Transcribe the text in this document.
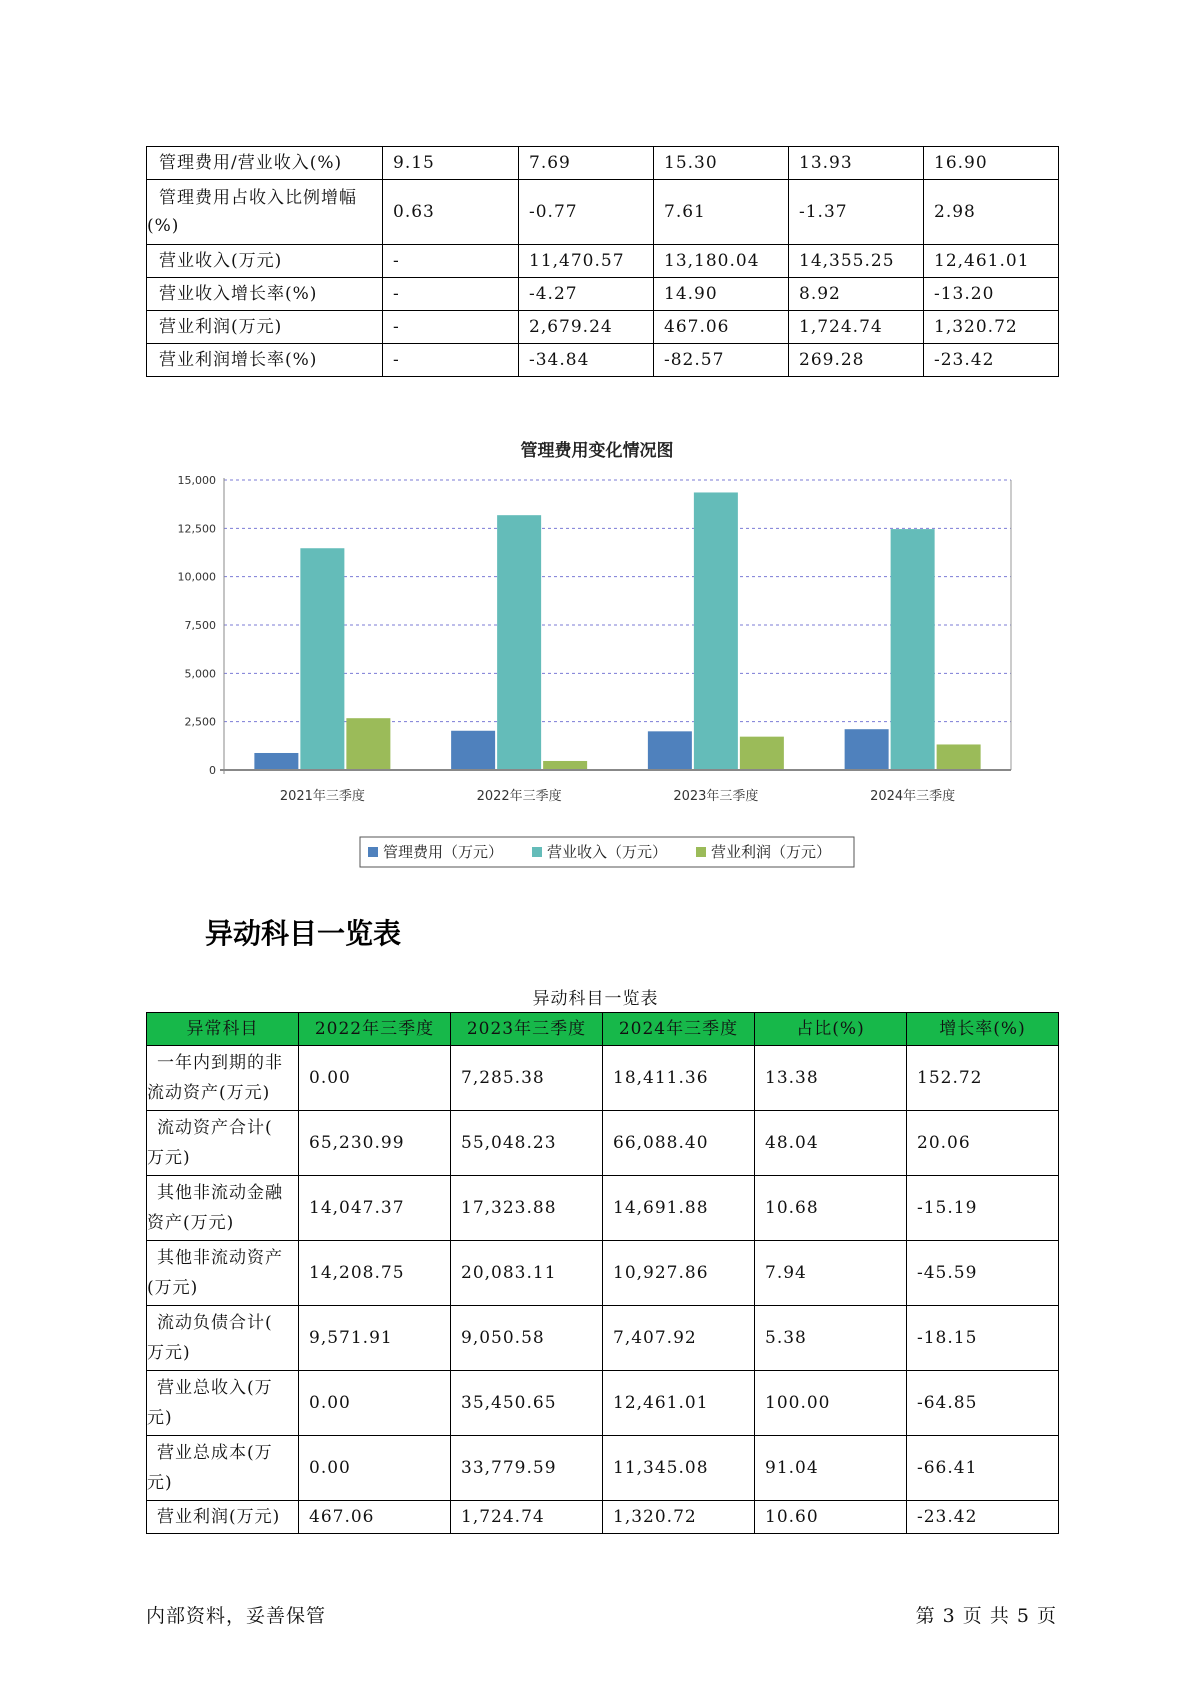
管理费用/营业收入(%)	9.15	7.69	15.30	13.93	16.90

管理费用占收入比例增幅
(%)	0.63	-0.77	7.61	-1.37	2.98
营业收入(万元)	-	11,470.57	13,180.04	14,355.25	12,461.01
营业收入增长率(%)	-	-4.27	14.90	8.92	-13.20
营业利润(万元)	-	2,679.24	467.06	1,724.74	1,320.72
营业利润增长率(%)	-	-34.84	-82.57	269.28	-23.42
管理费用变化情况图
0
2,500
5,000
7,500
10,000
12,500
15,000
2021年三季度	2022年三季度	2023年三季度	2024年三季度
管理费用（万元）	营业收入（万元）	营业利润（万元）
异动科目一览表
异动科目一览表
异常科目	2022年三季度	2023年三季度	2024年三季度	占比(%)	增长率(%)

一年内到期的非
流动资产(万元)	0.00	7,285.38	18,411.36	13.38	152.72

流动资产合计(
万元)	65,230.99	55,048.23	66,088.40	48.04	20.06

其他非流动金融
资产(万元)	14,047.37	17,323.88	14,691.88	10.68	-15.19

其他非流动资产
(万元)	14,208.75	20,083.11	10,927.86	7.94	-45.59

流动负债合计(
万元)	9,571.91	9,050.58	7,407.92	5.38	-18.15

营业总收入(万
元)	0.00	35,450.65	12,461.01	100.00	-64.85

营业总成本(万
元)	0.00	33,779.59	11,345.08	91.04	-66.41
营业利润(万元)	467.06	1,724.74	1,320.72	10.60	-23.42
内部资料，妥善保管	第 3 页 共 5 页
